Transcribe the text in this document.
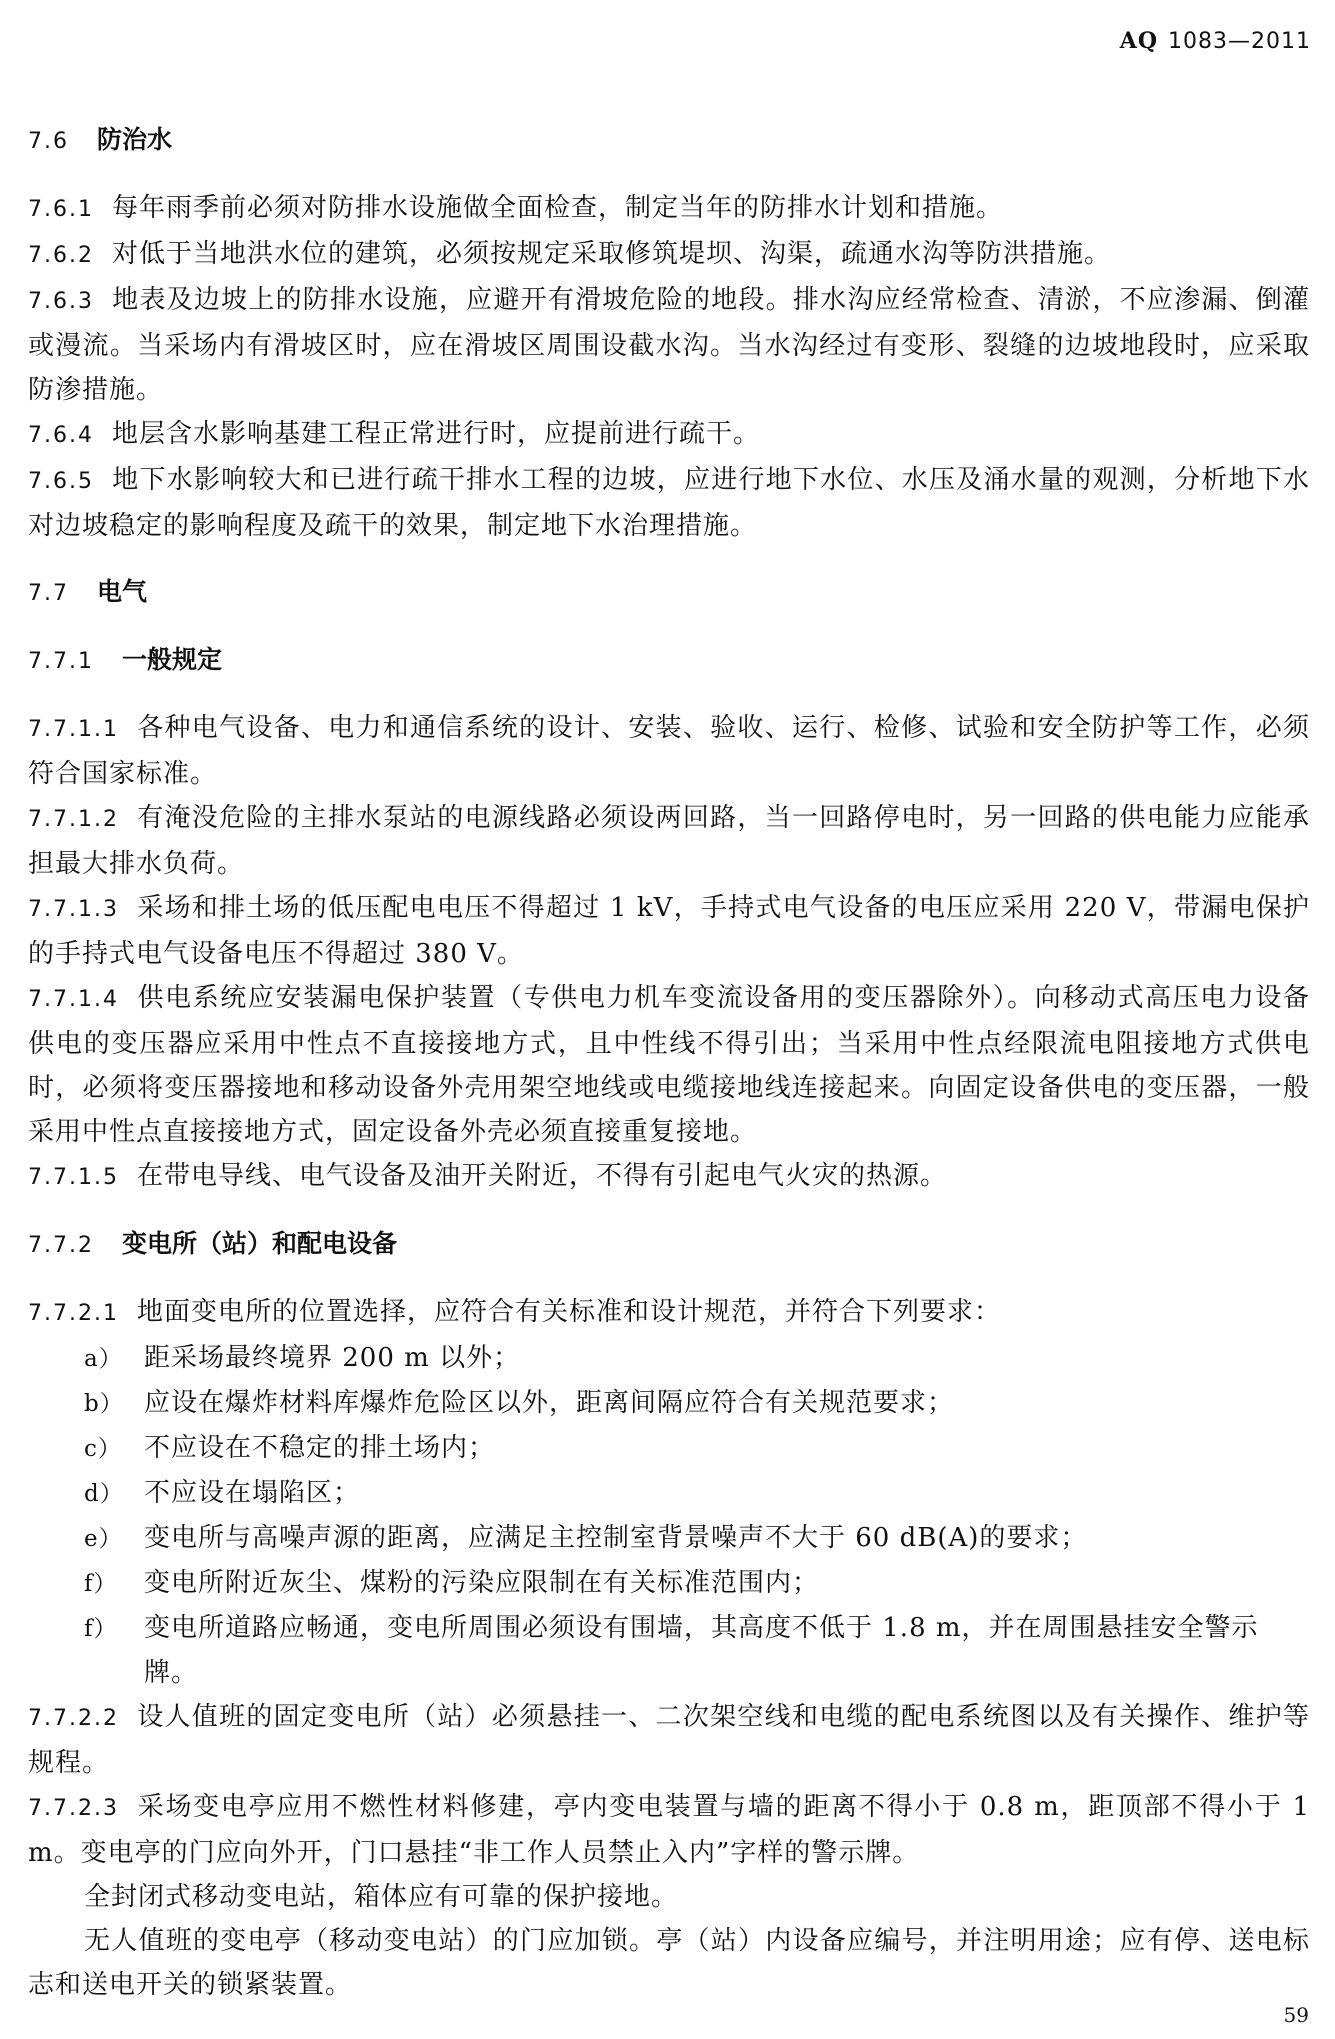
AQ 1083—2011
7.6 防治水

7.6.1 每年雨季前必须对防排水设施做全面检查，制定当年的防排水计划和措施。

7.6.2 对低于当地洪水位的建筑，必须按规定采取修筑堤坝、沟渠，疏通水沟等防洪措施。

7.6.3 地表及边坡上的防排水设施，应避开有滑坡危险的地段。排水沟应经常检查、清淤，不应渗漏、倒灌或漫流。当采场内有滑坡区时，应在滑坡区周围设截水沟。当水沟经过有变形、裂缝的边坡地段时，应采取防渗措施。

7.6.4 地层含水影响基建工程正常进行时，应提前进行疏干。

7.6.5 地下水影响较大和已进行疏干排水工程的边坡，应进行地下水位、水压及涌水量的观测，分析地下水对边坡稳定的影响程度及疏干的效果，制定地下水治理措施。

7.7 电气
7.7.1 一般规定

7.7.1.1 各种电气设备、电力和通信系统的设计、安装、验收、运行、检修、试验和安全防护等工作，必须符合国家标准。

7.7.1.2 有淹没危险的主排水泵站的电源线路必须设两回路，当一回路停电时，另一回路的供电能力应能承担最大排水负荷。

7.7.1.3 采场和排土场的低压配电电压不得超过 1 kV，手持式电气设备的电压应采用 220 V，带漏电保护的手持式电气设备电压不得超过 380 V。

7.7.1.4 供电系统应安装漏电保护装置（专供电力机车变流设备用的变压器除外）。向移动式高压电力设备供电的变压器应采用中性点不直接接地方式，且中性线不得引出；当采用中性点经限流电阻接地方式供电时，必须将变压器接地和移动设备外壳用架空地线或电缆接地线连接起来。向固定设备供电的变压器，一般采用中性点直接接地方式，固定设备外壳必须直接重复接地。

7.7.1.5 在带电导线、电气设备及油开关附近，不得有引起电气火灾的热源。

7.7.2 变电所（站）和配电设备

7.7.2.1 地面变电所的位置选择，应符合有关标准和设计规范，并符合下列要求：

a） 距采场最终境界 200 m 以外；
b） 应设在爆炸材料库爆炸危险区以外，距离间隔应符合有关规范要求；
c） 不应设在不稳定的排土场内；
d） 不应设在塌陷区；
e） 变电所与高噪声源的距离，应满足主控制室背景噪声不大于 60 dB(A)的要求；
f） 变电所附近灰尘、煤粉的污染应限制在有关标准范围内；
f） 变电所道路应畅通，变电所周围必须设有围墙，其高度不低于 1.8 m，并在周围悬挂安全警示牌。

7.7.2.2 设人值班的固定变电所（站）必须悬挂一、二次架空线和电缆的配电系统图以及有关操作、维护等规程。

7.7.2.3 采场变电亭应用不燃性材料修建，亭内变电装置与墙的距离不得小于 0.8 m，距顶部不得小于 1 m。变电亭的门应向外开，门口悬挂“非工作人员禁止入内”字样的警示牌。

全封闭式移动变电站，箱体应有可靠的保护接地。

无人值班的变电亭（移动变电站）的门应加锁。亭（站）内设备应编号，并注明用途；应有停、送电标志和送电开关的锁紧装置。

59
